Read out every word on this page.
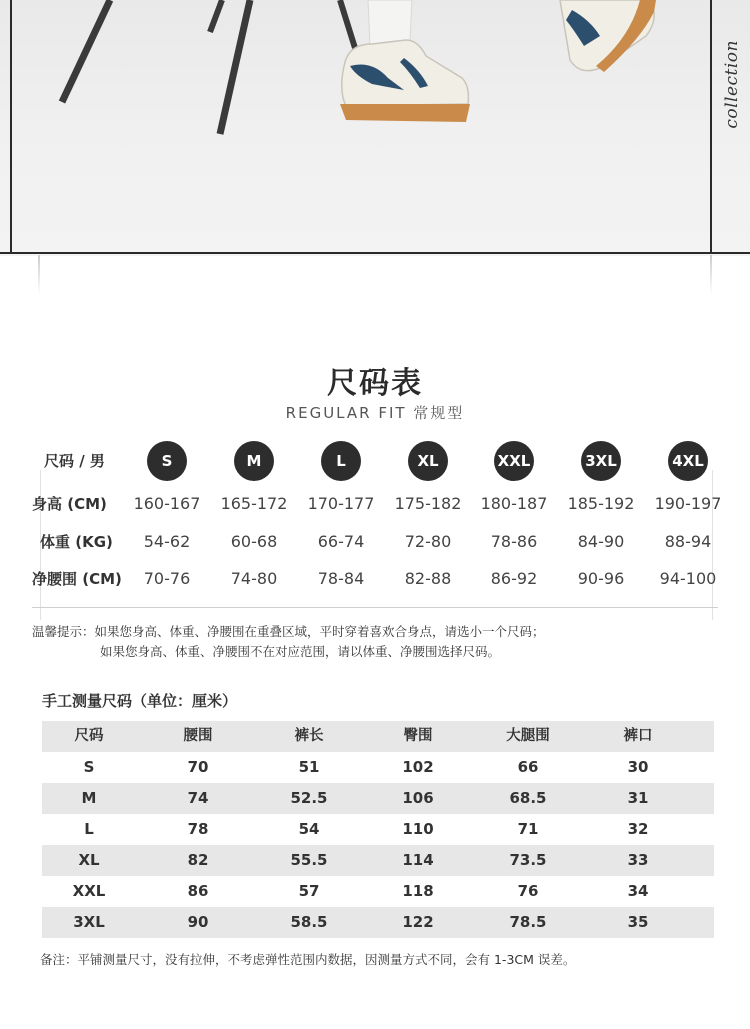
collection
尺码表
REGULAR FIT 常规型
尺码 / 男	S	M	L	XL	XXL	3XL	4XL
身高 (CM)	160-167	165-172	170-177	175-182	180-187	185-192	190-197
体重 (KG)	54-62	60-68	66-74	72-80	78-86	84-90	88-94
净腰围 (CM)	70-76	74-80	78-84	82-88	86-92	90-96	94-100
温馨提示：如果您身高、体重、净腰围在重叠区域，平时穿着喜欢合身点，请选小一个尺码；
如果您身高、体重、净腰围不在对应范围，请以体重、净腰围选择尺码。
手工测量尺码（单位：厘米）
尺码	腰围	裤长	臀围	大腿围	裤口
S	70	51	102	66	30
M	74	52.5	106	68.5	31
L	78	54	110	71	32
XL	82	55.5	114	73.5	33
XXL	86	57	118	76	34
3XL	90	58.5	122	78.5	35
备注：平铺测量尺寸，没有拉伸，不考虑弹性范围内数据，因测量方式不同，会有 1-3CM 误差。
